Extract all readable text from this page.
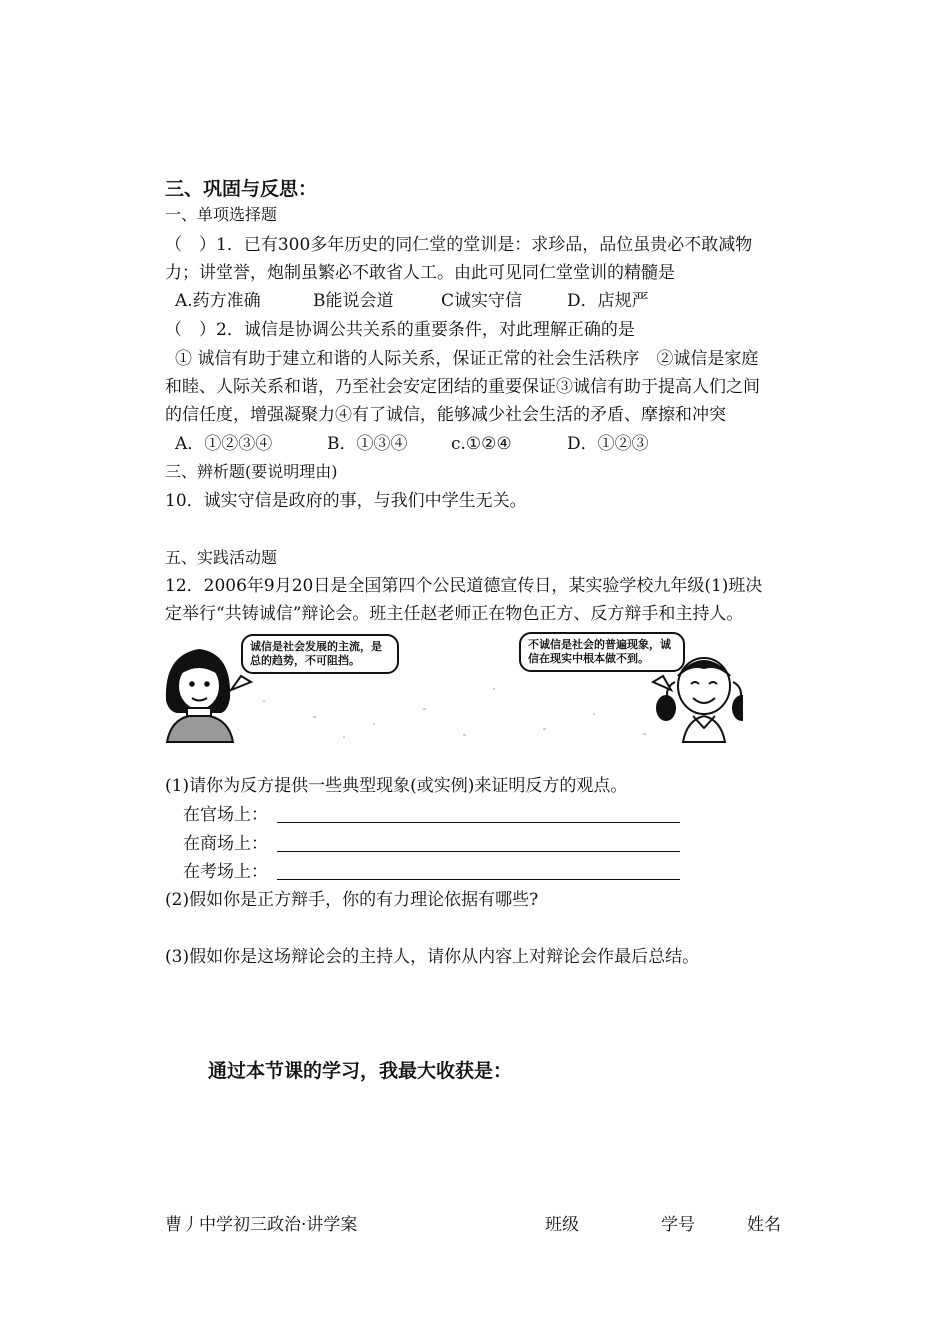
三、巩固与反思：
一、单项选择题
（　）1．已有300多年历史的同仁堂的堂训是：求珍品，品位虽贵必不敢减物
力；讲堂誉，炮制虽繁必不敢省人工。由此可见同仁堂堂训的精髓是
A.药方准确	B能说会道	C诚实守信	D．店规严
（　）2．诚信是协调公共关系的重要条件，对此理解正确的是
① 诚信有助于建立和谐的人际关系，保证正常的社会生活秩序　②诚信是家庭
和睦、人际关系和谐，乃至社会安定团结的重要保证③诚信有助于提高人们之间
的信任度，增强凝聚力④有了诚信，能够减少社会生活的矛盾、摩擦和冲突
A．①②③④	B．①③④	c.①②④	D．①②③
三、辨析题(要说明理由)
10．诚实守信是政府的事，与我们中学生无关。
五、实践活动题
12．2006年9月20日是全国第四个公民道德宣传日，某实验学校九年级(1)班决
定举行“共铸诚信”辩论会。班主任赵老师正在物色正方、反方辩手和主持人。
诚信是社会发展的主流，是总的趋势，不可阻挡。
不诚信是社会的普遍现象，诚信在现实中根本做不到。
(1)请你为反方提供一些典型现象(或实例)来证明反方的观点。
在官场上：
在商场上：
在考场上：
(2)假如你是正方辩手，你的有力理论依据有哪些?
(3)假如你是这场辩论会的主持人，请你从内容上对辩论会作最后总结。
通过本节课的学习，我最大收获是：
曹丿中学初三政治·讲学案	班级	学号	姓名
